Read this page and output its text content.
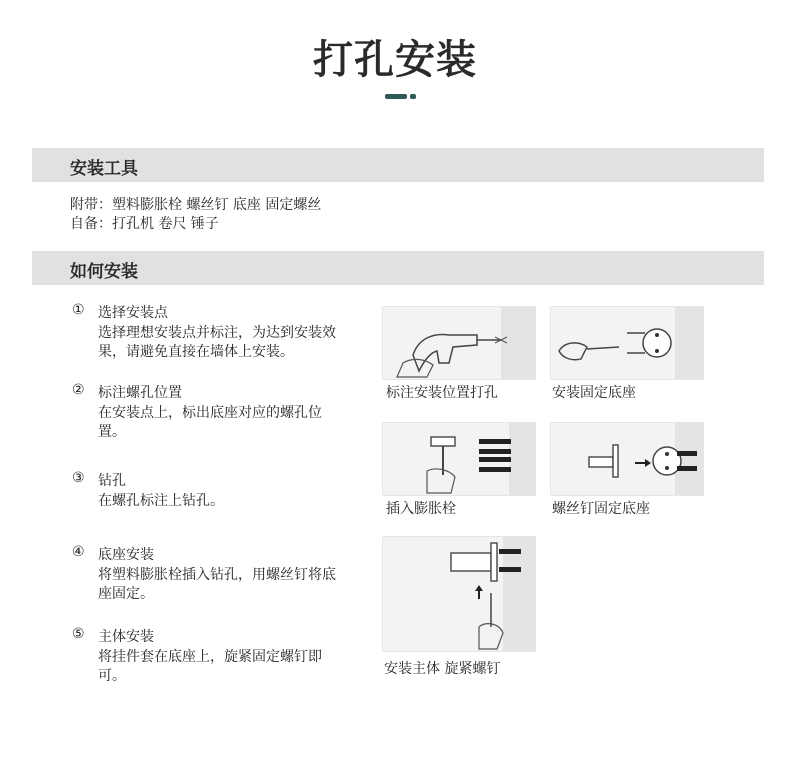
打孔安装
安装工具
附带：塑料膨胀栓 螺丝钉 底座 固定螺丝
自备：打孔机 卷尺 锤子
如何安装
① 选择安装点
选择理想安装点并标注，为达到安装效果，请避免直接在墙体上安装。
② 标注螺孔位置
在安装点上，标出底座对应的螺孔位置。
③ 钻孔
在螺孔标注上钻孔。
④ 底座安装
将塑料膨胀栓插入钻孔，用螺丝钉将底座固定。
⑤ 主体安装
将挂件套在底座上，旋紧固定螺钉即可。
标注安装位置打孔	安装固定底座
插入膨胀栓	螺丝钉固定底座
安装主体 旋紧螺钉
